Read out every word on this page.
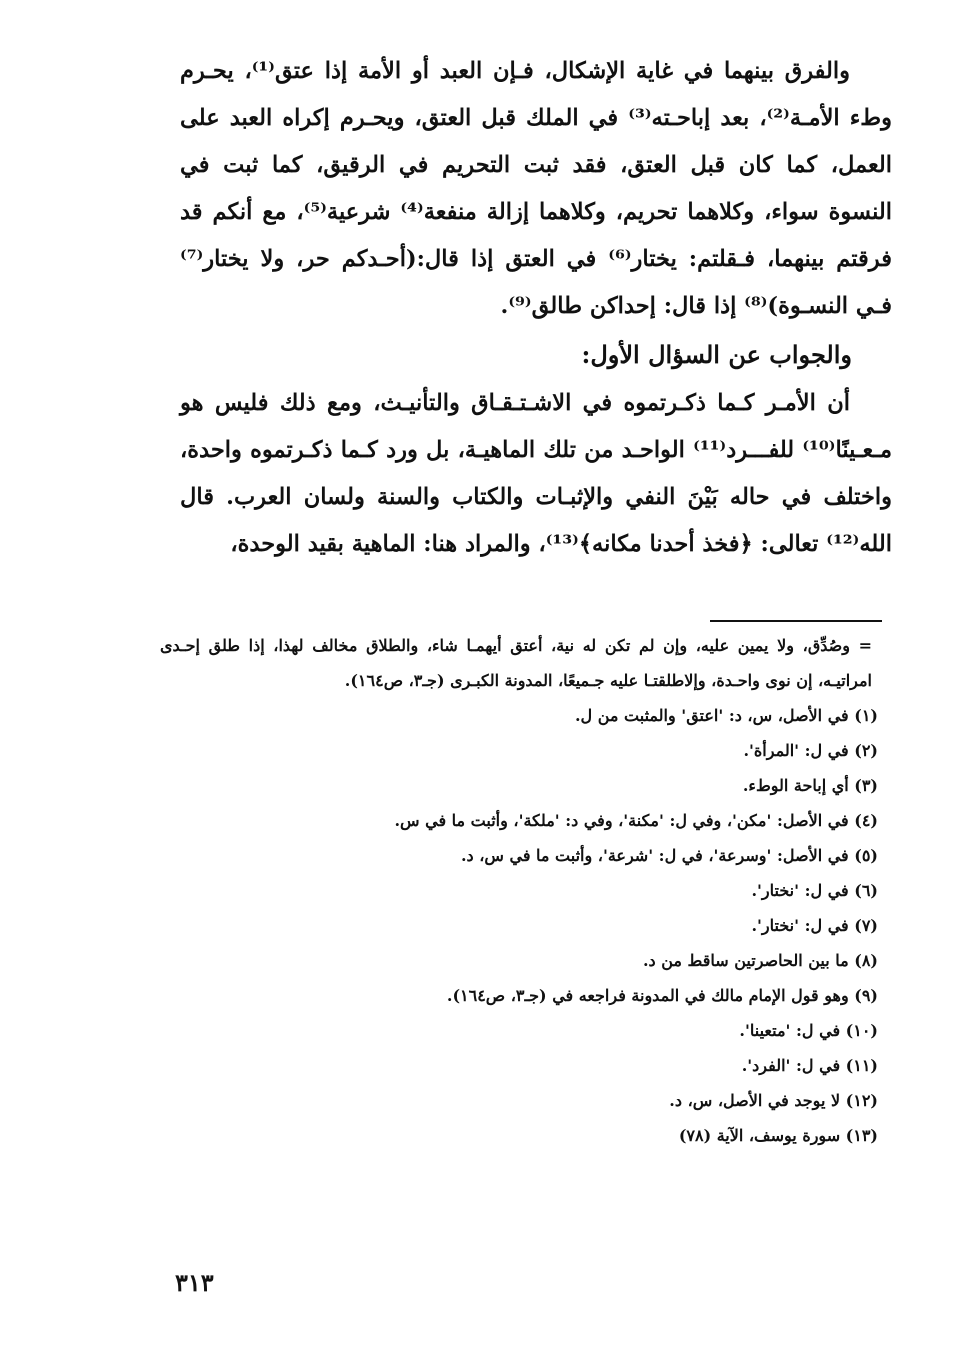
والفرق بينهما في غاية الإشكال، فـإن العبد أو الأمة إذا عتق⁽¹⁾، يحـرم وطء الأمـة⁽²⁾، بعد إباحـته⁽³⁾ في الملك قبل العتق، ويحـرم إكراه العبد على العمل، كما كان قبل العتق، فقد ثبت التحريم في الرقيق، كما ثبت في النسوة سواء، وكلاهما تحريم، وكلاهما إزالة منفعة⁽⁴⁾ شرعية⁽⁵⁾، مع أنكم قد فرقتم بينهما، فـقلتم: يختار⁽⁶⁾ في العتق إذا قال:(أحـدكم حر، ولا يختار⁽⁷⁾ فـي النسـوة)⁽⁸⁾ إذا قال: إحداكن طالق⁽⁹⁾.

والجواب عن السؤال الأول:

أن الأمـر كـما ذكـرتموه في الاشـتـقـاق والتأنيـث، ومع ذلك فليس هو مـعـينًا⁽¹⁰⁾ للفـــرد⁽¹¹⁾ الواحـد من تلك الماهيـة، بل ورد كـما ذكـرتموه واحدة، واختلف في حاله بَيْنَ النفي والإثبـات والكتاب والسنة ولسان العرب. قال الله⁽¹²⁾ تعالى: ﴿فخذ أحدنا مكانه﴾⁽¹³⁾، والمراد هنا: الماهية بقيد الوحدة،

= وصُدِّق، ولا يمين عليه، وإن لم تكن له نية، أعتق أيهمـا شاء، والطلاق مخالف لهذا، إذا طلق إحـدى امراتيـه، إن نوى واحـدة، وإلاطلقتـا عليه جـميعًا، المدونة الكبـرى (جـ٣، ص١٦٤).

(١) في الأصل، س، د: 'اعتق' والمثبت من ل.
(٢) في ل: 'المرأة'.
(٣) أي إباحة الوطء.
(٤) في الأصل: 'مكن'، وفي ل: 'مكنة'، وفي د: 'ملكة'، وأثبت ما في س.
(٥) في الأصل: 'وسرعة'، في ل: 'شرعة'، وأثبت ما في س، د.
(٦) في ل: 'نختار'.
(٧) في ل: 'نختار'.
(٨) ما بين الحاصرتين ساقط من د.
(٩) وهو قول الإمام مالك في المدونة فراجعه في (جـ٣، ص١٦٤).
(١٠) في ل: 'متعينا'.
(١١) في ل: 'الفرد'.
(١٢) لا يوجد في الأصل، س، د.
(١٣) سورة يوسف، الآية (٧٨)
٣١٣
